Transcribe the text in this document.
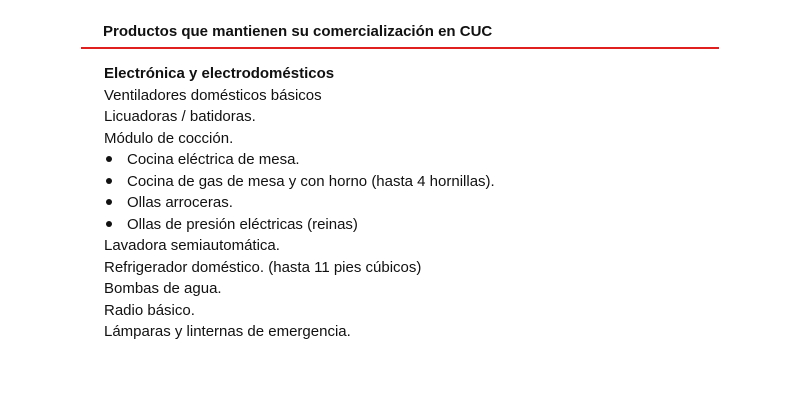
Productos que mantienen su comercialización en CUC
Electrónica y electrodomésticos
Ventiladores domésticos básicos
Licuadoras / batidoras.
Módulo de cocción.
Cocina eléctrica de mesa.
Cocina de gas de mesa y con horno (hasta 4 hornillas).
Ollas arroceras.
Ollas de presión eléctricas (reinas)
Lavadora semiautomática.
Refrigerador doméstico. (hasta 11 pies cúbicos)
Bombas de agua.
Radio básico.
Lámparas y linternas de emergencia.
